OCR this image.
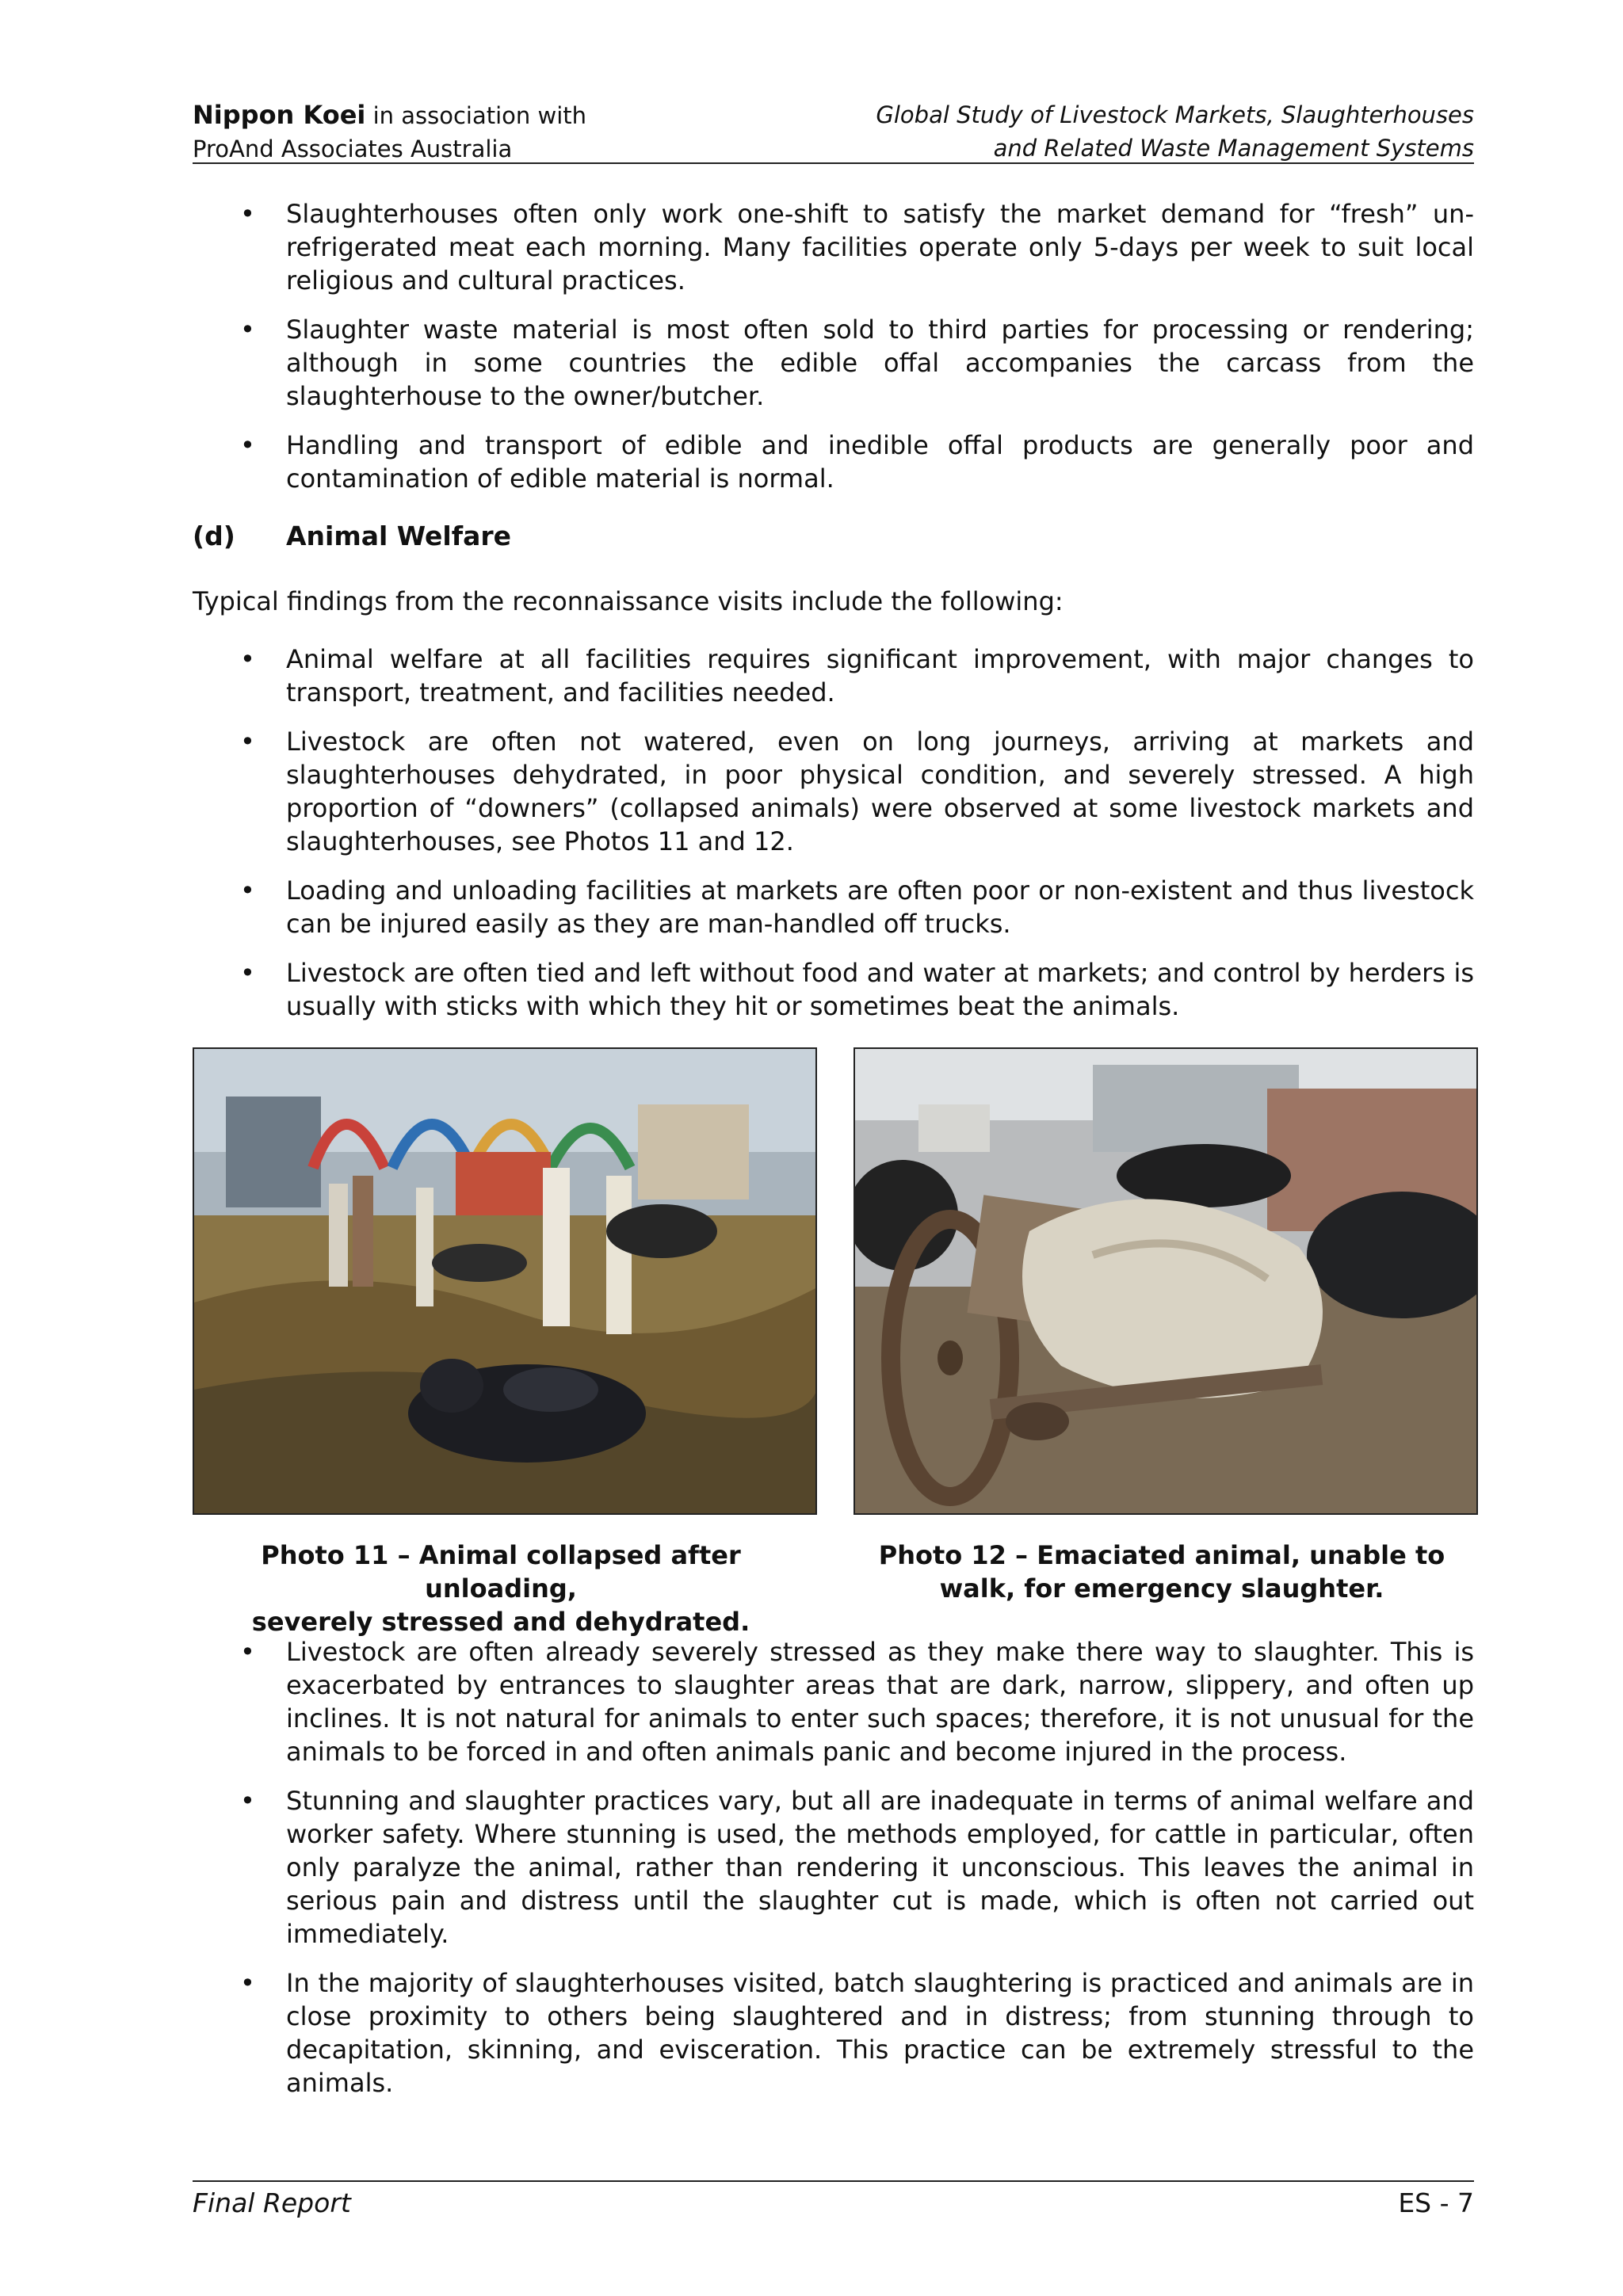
Nippon Koei in association with
ProAnd Associates Australia
Global Study of Livestock Markets, Slaughterhouses
and Related Waste Management Systems
• Slaughterhouses often only work one-shift to satisfy the market demand for “fresh” un-refrigerated meat each morning. Many facilities operate only 5-days per week to suit local religious and cultural practices.
• Slaughter waste material is most often sold to third parties for processing or rendering; although in some countries the edible offal accompanies the carcass from the slaughterhouse to the owner/butcher.
• Handling and transport of edible and inedible offal products are generally poor and contamination of edible material is normal.
(d) Animal Welfare
Typical findings from the reconnaissance visits include the following:
• Animal welfare at all facilities requires significant improvement, with major changes to transport, treatment, and facilities needed.
• Livestock are often not watered, even on long journeys, arriving at markets and slaughterhouses dehydrated, in poor physical condition, and severely stressed. A high proportion of “downers” (collapsed animals) were observed at some livestock markets and slaughterhouses, see Photos 11 and 12.
• Loading and unloading facilities at markets are often poor or non-existent and thus livestock can be injured easily as they are man-handled off trucks.
• Livestock are often tied and left without food and water at markets; and control by herders is usually with sticks with which they hit or sometimes beat the animals.
Photo 11 – Animal collapsed after unloading,
severely stressed and dehydrated.
Photo 12 – Emaciated animal, unable to
walk, for emergency slaughter.
• Livestock are often already severely stressed as they make there way to slaughter. This is exacerbated by entrances to slaughter areas that are dark, narrow, slippery, and often up inclines. It is not natural for animals to enter such spaces; therefore, it is not unusual for the animals to be forced in and often animals panic and become injured in the process.
• Stunning and slaughter practices vary, but all are inadequate in terms of animal welfare and worker safety. Where stunning is used, the methods employed, for cattle in particular, often only paralyze the animal, rather than rendering it unconscious. This leaves the animal in serious pain and distress until the slaughter cut is made, which is often not carried out immediately.
• In the majority of slaughterhouses visited, batch slaughtering is practiced and animals are in close proximity to others being slaughtered and in distress; from stunning through to decapitation, skinning, and evisceration. This practice can be extremely stressful to the animals.
Final Report	ES - 7
